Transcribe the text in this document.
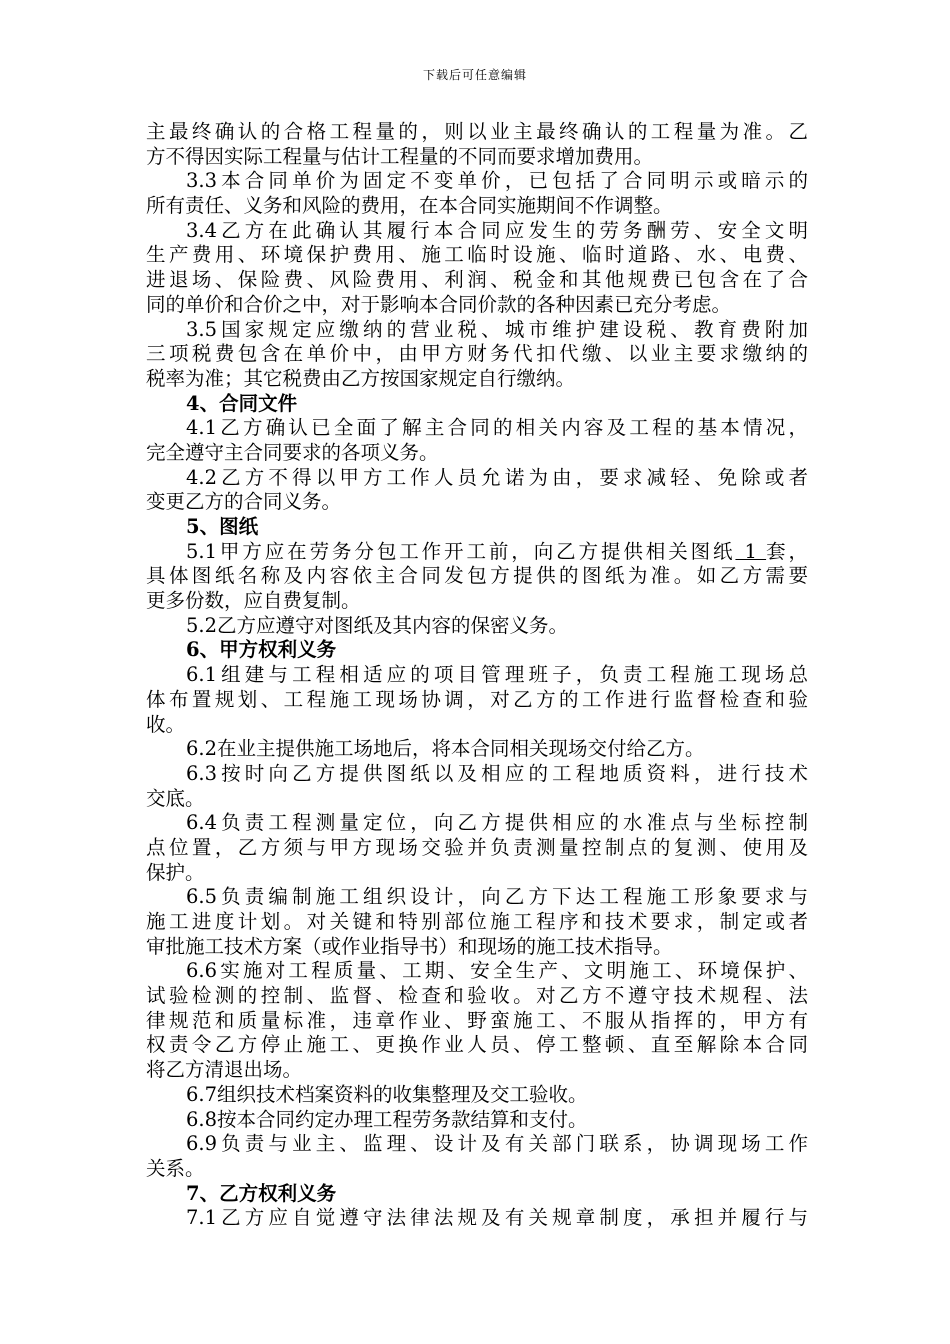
下载后可任意编辑
主最终确认的合格工程量的，则以业主最终确认的工程量为准。乙
方不得因实际工程量与估计工程量的不同而要求增加费用。
3.3本合同单价为固定不变单价，已包括了合同明示或暗示的
所有责任、义务和风险的费用，在本合同实施期间不作调整。
3.4乙方在此确认其履行本合同应发生的劳务酬劳、安全文明
生产费用、环境保护费用、施工临时设施、临时道路、水、电费、
进退场、保险费、风险费用、利润、税金和其他规费已包含在了合
同的单价和合价之中，对于影响本合同价款的各种因素已充分考虑。
3.5国家规定应缴纳的营业税、城市维护建设税、教育费附加
三项税费包含在单价中，由甲方财务代扣代缴、以业主要求缴纳的
税率为准；其它税费由乙方按国家规定自行缴纳。
4、合同文件
4.1乙方确认已全面了解主合同的相关内容及工程的基本情况，
完全遵守主合同要求的各项义务。
4.2乙方不得以甲方工作人员允诺为由，要求减轻、免除或者
变更乙方的合同义务。
5、图纸
5.1甲方应在劳务分包工作开工前，向乙方提供相关图纸 1 套，
具体图纸名称及内容依主合同发包方提供的图纸为准。如乙方需要
更多份数，应自费复制。
5.2乙方应遵守对图纸及其内容的保密义务。
6、甲方权利义务
6.1组建与工程相适应的项目管理班子，负责工程施工现场总
体布置规划、工程施工现场协调，对乙方的工作进行监督检查和验
收。
6.2在业主提供施工场地后，将本合同相关现场交付给乙方。
6.3按时向乙方提供图纸以及相应的工程地质资料，进行技术
交底。
6.4负责工程测量定位，向乙方提供相应的水准点与坐标控制
点位置，乙方须与甲方现场交验并负责测量控制点的复测、使用及
保护。
6.5负责编制施工组织设计，向乙方下达工程施工形象要求与
施工进度计划。对关键和特别部位施工程序和技术要求，制定或者
审批施工技术方案（或作业指导书）和现场的施工技术指导。
6.6实施对工程质量、工期、安全生产、文明施工、环境保护、
试验检测的控制、监督、检查和验收。对乙方不遵守技术规程、法
律规范和质量标准，违章作业、野蛮施工、不服从指挥的，甲方有
权责令乙方停止施工、更换作业人员、停工整顿、直至解除本合同
将乙方清退出场。
6.7组织技术档案资料的收集整理及交工验收。
6.8按本合同约定办理工程劳务款结算和支付。
6.9负责与业主、监理、设计及有关部门联系，协调现场工作
关系。
7、乙方权利义务
7.1乙方应自觉遵守法律法规及有关规章制度，承担并履行与
